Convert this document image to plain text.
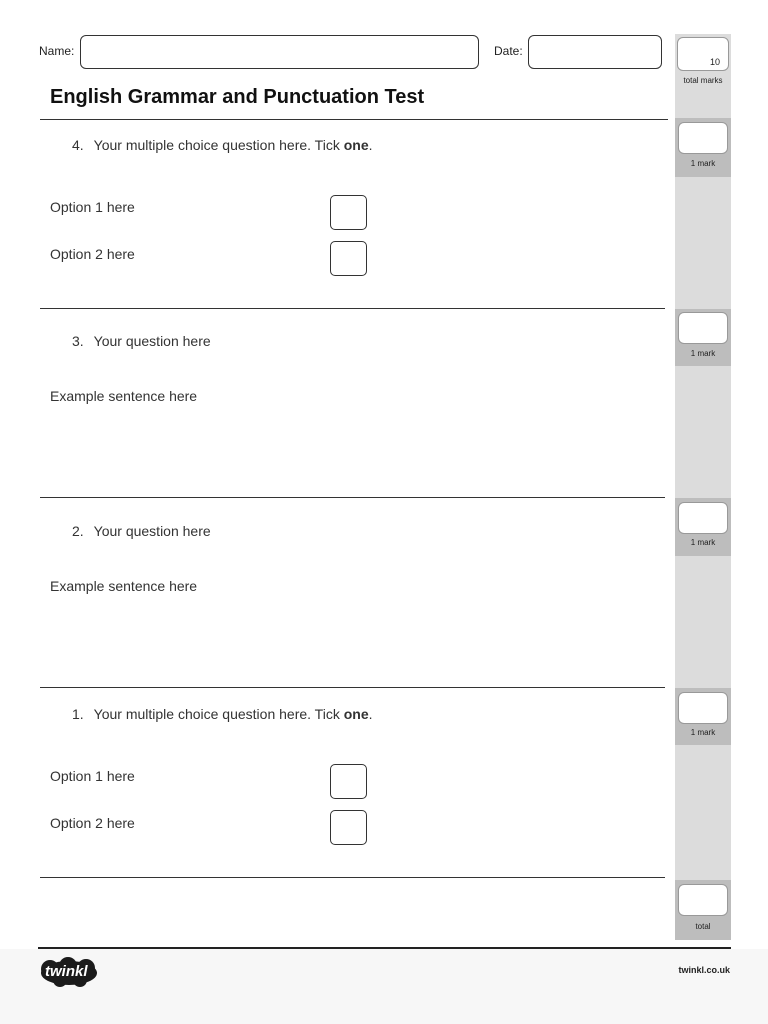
Name:	Date:
English Grammar and Punctuation Test
10
total marks
1 mark
4. Your multiple choice question here. Tick one.
Option 1 here
Option 2 here
1 mark
3. Your question here
Example sentence here
1 mark
2. Your question here
Example sentence here
1 mark
1. Your multiple choice question here. Tick one.
Option 1 here
Option 2 here
total
twinkl	twinkl.co.uk
